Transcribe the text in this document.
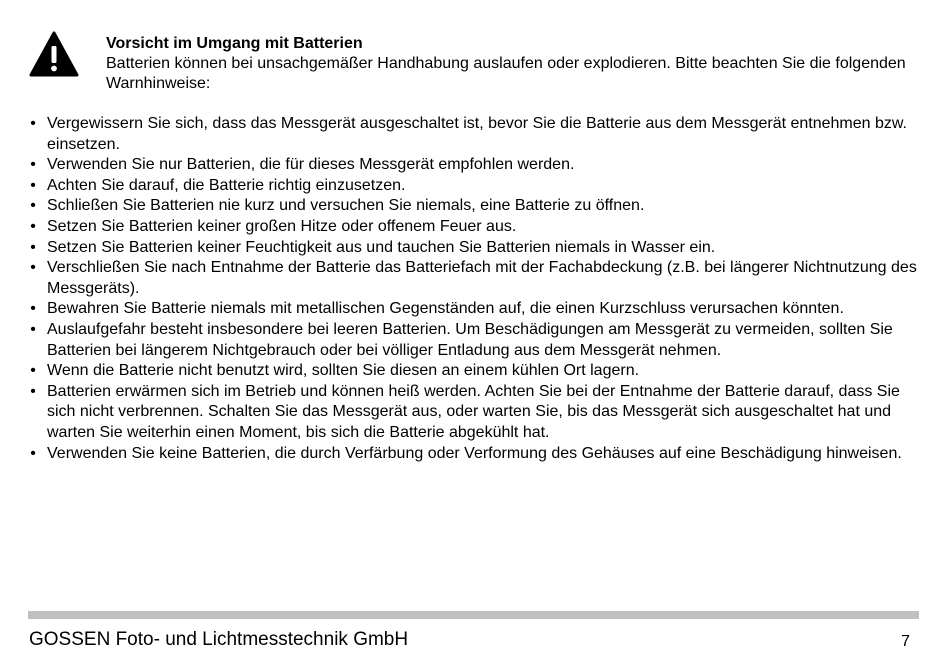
Vorsicht im Umgang mit Batterien
Batterien können bei unsachgemäßer Handhabung auslaufen oder explodieren. Bitte beachten Sie die folgenden Warnhinweise:
• Vergewissern Sie sich, dass das Messgerät ausgeschaltet ist, bevor Sie die Batterie aus dem Messgerät entnehmen bzw. einsetzen.
• Verwenden Sie nur Batterien, die für dieses Messgerät empfohlen werden.
• Achten Sie darauf, die Batterie richtig einzusetzen.
• Schließen Sie Batterien nie kurz und versuchen Sie niemals, eine Batterie zu öffnen.
• Setzen Sie Batterien keiner großen Hitze oder offenem Feuer aus.
• Setzen Sie Batterien keiner Feuchtigkeit aus und tauchen Sie Batterien niemals in Wasser ein.
• Verschließen Sie nach Entnahme der Batterie das Batteriefach mit der Fachabdeckung (z.B. bei längerer Nichtnutzung des Messgeräts).
• Bewahren Sie Batterie niemals mit metallischen Gegenständen auf, die einen Kurzschluss verursachen könnten.
• Auslaufgefahr besteht insbesondere bei leeren Batterien. Um Beschädigungen am Messgerät zu vermeiden, sollten Sie Batterien bei längerem Nichtgebrauch oder bei völliger Entladung aus dem Messgerät nehmen.
• Wenn die Batterie nicht benutzt wird, sollten Sie diesen an einem kühlen Ort lagern.
• Batterien erwärmen sich im Betrieb und können heiß werden. Achten Sie bei der Entnahme der Batterie darauf, dass Sie sich nicht verbrennen. Schalten Sie das Messgerät aus, oder warten Sie, bis das Messgerät sich ausgeschaltet hat und warten Sie weiterhin einen Moment, bis sich die Batterie abgekühlt hat.
• Verwenden Sie keine Batterien, die durch Verfärbung oder Verformung des Gehäuses auf eine Beschädigung hinweisen.
GOSSEN Foto- und Lichtmesstechnik GmbH	7
